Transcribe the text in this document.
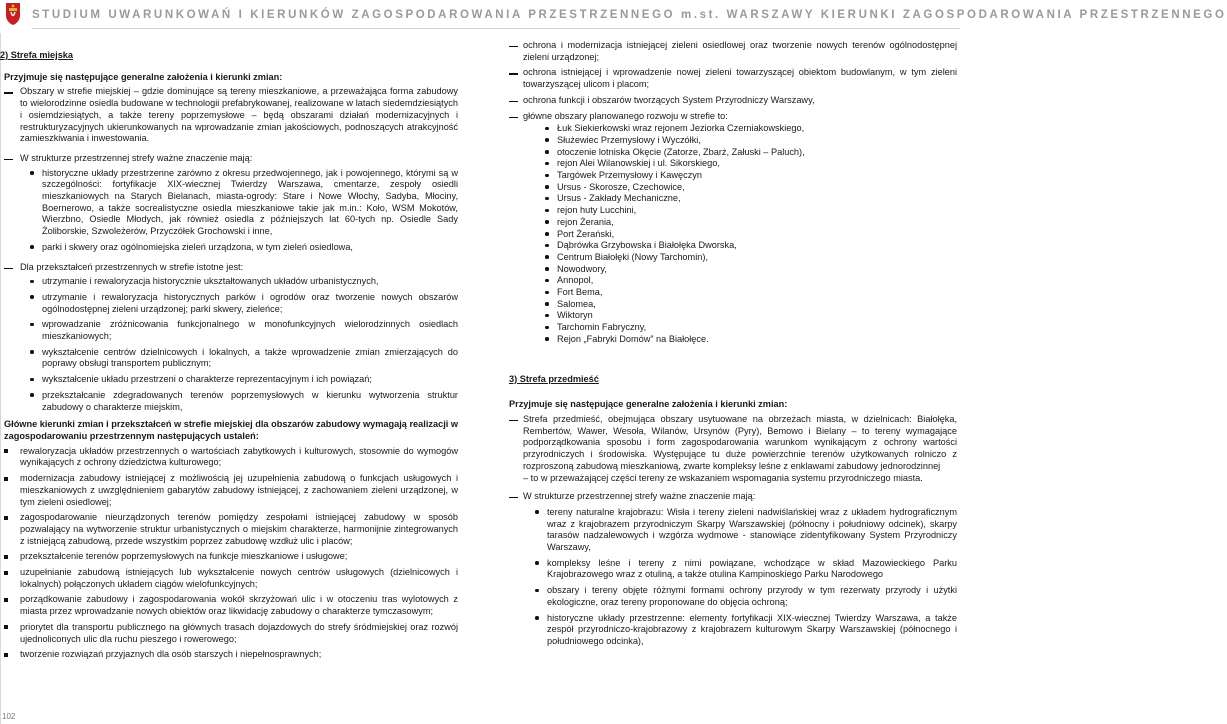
STUDIUM UWARUNKOWAŃ I KIERUNKÓW ZAGOSPODAROWANIA PRZESTRZENNEGO m.st. WARSZAWY KIERUNKI ZAGOSPODAROWANIA PRZESTRZENNEGO
102
2) Strefa miejska
Przyjmuje się następujące generalne założenia i kierunki zmian:
Obszary w strefie miejskiej – gdzie dominujące są tereny mieszkaniowe, a przeważająca forma zabudowy to wielorodzinne osiedla budowane w technologii prefabrykowanej, realizowane w latach siedemdziesiątych i osiemdziesiątych, a także tereny poprzemysłowe – będą obszarami działań modernizacyjnych i restrukturyzacyjnych ukierunkowanych na wprowadzanie zmian jakościowych, podnoszących atrakcyjność zamieszkiwania i inwestowania.
W strukturze przestrzennej strefy ważne znaczenie mają:
historyczne układy przestrzenne zarówno z okresu przedwojennego, jak i powojennego, którymi są w szczególności: fortyfikacje XIX-wiecznej Twierdzy Warszawa, cmentarze, zespoły osiedli mieszkaniowych na Starych Bielanach, miasta-ogrody: Stare i Nowe Włochy, Sadyba, Młociny, Boernerowo, a także socrealistyczne osiedla mieszkaniowe takie jak m.in.: Koło, WSM Mokotów, Wierzbno, Osiedle Młodych, jak również osiedla z późniejszych lat 60-tych np. Osiedle Sady Żoliborskie, Szwoleżerów, Przyczółek Grochowski i inne,
parki i skwery oraz ogólnomiejska zieleń urządzona, w tym zieleń osiedlowa,
Dla przekształceń przestrzennych w strefie istotne jest:
utrzymanie i rewaloryzacja historycznie ukształtowanych układów urbanistycznych,
utrzymanie i rewaloryzacja historycznych parków i ogrodów oraz tworzenie nowych obszarów ogólnodostępnej zieleni urządzonej; parki skwery, zieleńce;
wprowadzanie zróżnicowania funkcjonalnego w monofunkcyjnych wielorodzinnych osiedlach mieszkaniowych;
wykształcenie centrów dzielnicowych i lokalnych, a także wprowadzenie zmian zmierzających do poprawy obsługi transportem publicznym;
wykształcenie układu przestrzeni o charakterze reprezentacyjnym i ich powiązań;
przekształcanie zdegradowanych terenów poprzemysłowych w kierunku wytworzenia struktur zabudowy o charakterze miejskim,
Główne kierunki zmian i przekształceń w strefie miejskiej dla obszarów zabudowy wymagają realizacji w zagospodarowaniu przestrzennym następujących ustaleń:
rewaloryzacja układów przestrzennych o wartościach zabytkowych i kulturowych, stosownie do wymogów wynikających z ochrony dziedzictwa kulturowego;
modernizacja zabudowy istniejącej z możliwością jej uzupełnienia zabudową o funkcjach usługowych i mieszkaniowych z uwzględnieniem gabarytów zabudowy istniejącej, z zachowaniem zieleni urządzonej, w tym zieleni osiedlowej;
zagospodarowanie nieurządzonych terenów pomiędzy zespołami istniejącej zabudowy w sposób pozwalający na wytworzenie struktur urbanistycznych o miejskim charakterze, harmonijnie zintegrowanych z istniejącą zabudową, przede wszystkim poprzez zabudowę wzdłuż ulic i placów;
przekształcenie terenów poprzemysłowych na funkcje mieszkaniowe i usługowe;
uzupełnianie zabudową istniejących lub wykształcenie nowych centrów usługowych (dzielnicowych i lokalnych) połączonych układem ciągów wielofunkcyjnych;
porządkowanie zabudowy i zagospodarowania wokół skrzyżowań ulic i w otoczeniu tras wylotowych z miasta przez wprowadzanie nowych obiektów oraz likwidację zabudowy o charakterze tymczasowym;
priorytet dla transportu publicznego na głównych trasach dojazdowych do strefy śródmiejskiej oraz rozwój ujednoliconych ulic dla ruchu pieszego i rowerowego;
tworzenie rozwiązań przyjaznych dla osób starszych i niepełnosprawnych;
ochrona i modernizacja istniejącej zieleni osiedlowej oraz tworzenie nowych terenów ogólnodostępnej zieleni urządzonej;
ochrona istniejącej i wprowadzenie nowej zieleni towarzyszącej obiektom budowlanym, w tym zieleni towarzyszącej ulicom i placom;
ochrona funkcji i obszarów tworzących System Przyrodniczy Warszawy,
główne obszary planowanego rozwoju w strefie to:
Łuk Siekierkowski wraz rejonem Jeziorka Czerniakowskiego,
Służewiec Przemysłowy i Wyczółki,
otoczenie lotniska Okęcie (Zatorze, Zbarż, Załuski – Paluch),
rejon Alei Wilanowskiej i ul. Sikorskiego,
Targówek Przemysłowy i Kawęczyn
Ursus - Skorosze, Czechowice,
Ursus - Zakłady Mechaniczne,
rejon huty Lucchini,
rejon Żerania,
Port Żerański,
Dąbrówka Grzybowska i Białołęka Dworska,
Centrum Białołęki (Nowy Tarchomin),
Nowodwory,
Annopol,
Fort Bema,
Salomea,
Wiktoryn
Tarchomin Fabryczny,
Rejon „Fabryki Domów” na Białołęce.
3) Strefa przedmieść
Przyjmuje się następujące generalne założenia i kierunki zmian:
Strefa przedmieść, obejmująca obszary usytuowane na obrzeżach miasta, w dzielnicach: Białołęka, Rembertów, Wawer, Wesoła, Wilanów, Ursynów (Pyry), Bemowo i Bielany – to tereny wymagające podporządkowania sposobu i form zagospodarowania warunkom wynikającym z ochrony wartości przyrodniczych i środowiska. Występujące tu duże powierzchnie terenów użytkowanych rolniczo z rozproszoną zabudową mieszkaniową, zwarte kompleksy leśne z enklawami zabudowy jednorodzinnej
– to w przeważającej części tereny ze wskazaniem wspomagania systemu przyrodniczego miasta.
W strukturze przestrzennej strefy ważne znaczenie mają:
tereny naturalne krajobrazu: Wisła i tereny zieleni nadwiślańskiej wraz z układem hydrograficznym wraz z krajobrazem przyrodniczym Skarpy Warszawskiej (północny i południowy odcinek), skarpy tarasów nadzalewowych i wzgórza wydmowe - stanowiące zidentyfikowany System Przyrodniczy Warszawy,
kompleksy leśne i tereny z nimi powiązane, wchodzące w skład Mazowieckiego Parku Krajobrazowego wraz z otuliną, a także otulina Kampinoskiego Parku Narodowego
obszary i tereny objęte różnymi formami ochrony przyrody w tym rezerwaty przyrody i użytki ekologiczne, oraz tereny proponowane do objęcia ochroną;
historyczne układy przestrzenne: elementy fortyfikacji XIX-wiecznej Twierdzy Warszawa, a także zespół przyrodniczo-krajobrazowy z krajobrazem kulturowym Skarpy Warszawskiej (północnego i południowego odcinka),
